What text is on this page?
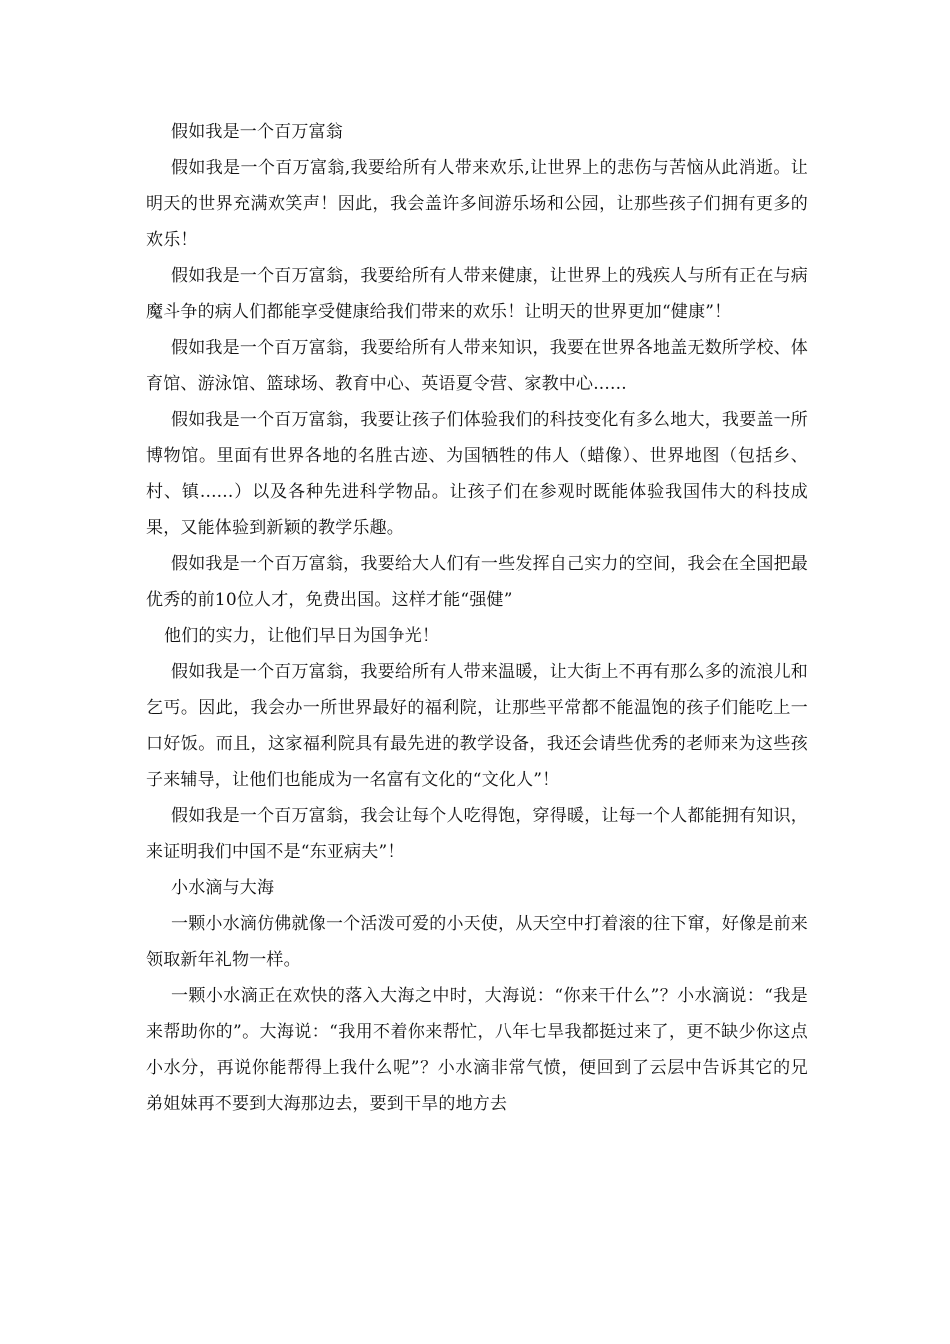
假如我是一个百万富翁

假如我是一个百万富翁,我要给所有人带来欢乐,让世界上的悲伤与苦恼从此消逝。让明天的世界充满欢笑声！因此，我会盖许多间游乐场和公园，让那些孩子们拥有更多的欢乐！

假如我是一个百万富翁，我要给所有人带来健康，让世界上的残疾人与所有正在与病魔斗争的病人们都能享受健康给我们带来的欢乐！让明天的世界更加“健康”！

假如我是一个百万富翁，我要给所有人带来知识，我要在世界各地盖无数所学校、体育馆、游泳馆、篮球场、教育中心、英语夏令营、家教中心......

假如我是一个百万富翁，我要让孩子们体验我们的科技变化有多么地大，我要盖一所博物馆。里面有世界各地的名胜古迹、为国牺牲的伟人（蜡像）、世界地图（包括乡、村、镇......）以及各种先进科学物品。让孩子们在参观时既能体验我国伟大的科技成果，又能体验到新颖的教学乐趣。

假如我是一个百万富翁，我要给大人们有一些发挥自己实力的空间，我会在全国把最优秀的前10位人才，免费出国。这样才能“强健”

他们的实力，让他们早日为国争光！

假如我是一个百万富翁，我要给所有人带来温暖，让大街上不再有那么多的流浪儿和乞丐。因此，我会办一所世界最好的福利院，让那些平常都不能温饱的孩子们能吃上一口好饭。而且，这家福利院具有最先进的教学设备，我还会请些优秀的老师来为这些孩子来辅导，让他们也能成为一名富有文化的“文化人”！

假如我是一个百万富翁，我会让每个人吃得饱，穿得暖，让每一个人都能拥有知识，来证明我们中国不是“东亚病夫”！

小水滴与大海

一颗小水滴仿佛就像一个活泼可爱的小天使，从天空中打着滚的往下窜，好像是前来领取新年礼物一样。

一颗小水滴正在欢快的落入大海之中时，大海说：“你来干什么”？小水滴说：“我是来帮助你的”。大海说：“我用不着你来帮忙，八年七旱我都挺过来了，更不缺少你这点小水分，再说你能帮得上我什么呢”？小水滴非常气愤，便回到了云层中告诉其它的兄弟姐妹再不要到大海那边去，要到干旱的地方去
